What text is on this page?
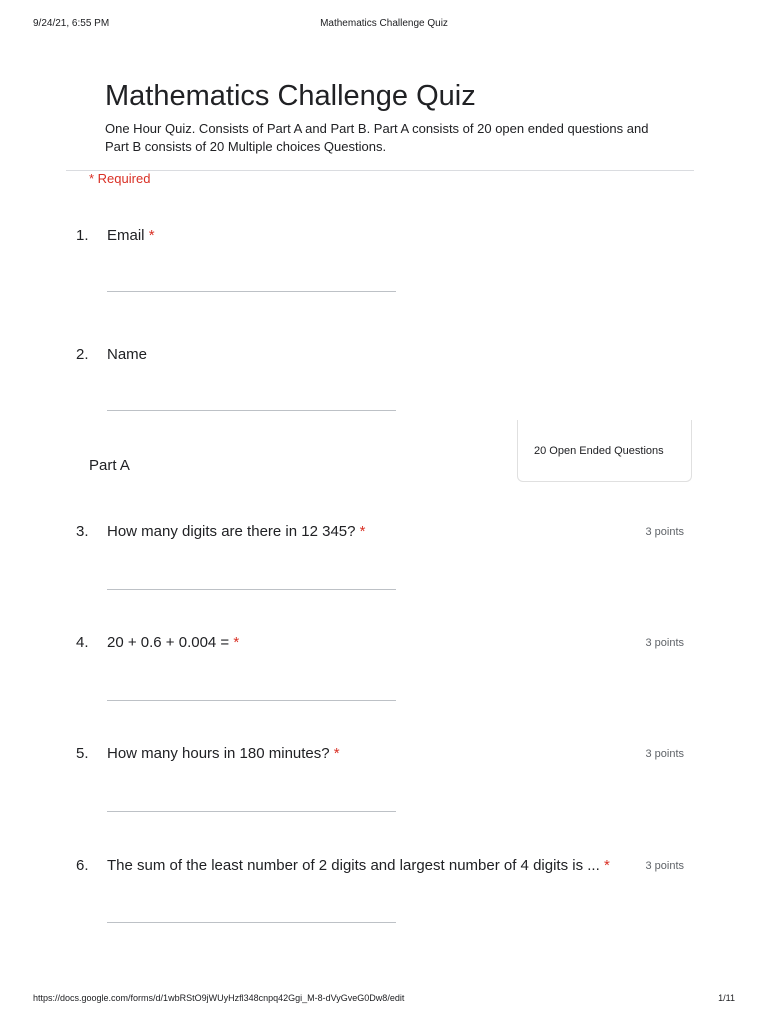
9/24/21, 6:55 PM	Mathematics Challenge Quiz
Mathematics Challenge Quiz
One Hour Quiz. Consists of Part A and Part B. Part A consists of 20 open ended questions and Part B consists of 20 Multiple choices Questions.
* Required
1. Email *
2. Name
20 Open Ended Questions
Part A
3. How many digits are there in 12 345? *	3 points
4. 20 + 0.6 + 0.004 = *	3 points
5. How many hours in 180 minutes? *	3 points
6. The sum of the least number of 2 digits and largest number of 4 digits is ... *	3 points
https://docs.google.com/forms/d/1wbRStO9jWUyHzfl348cnpq42Ggi_M-8-dVyGveG0Dw8/edit	1/11
